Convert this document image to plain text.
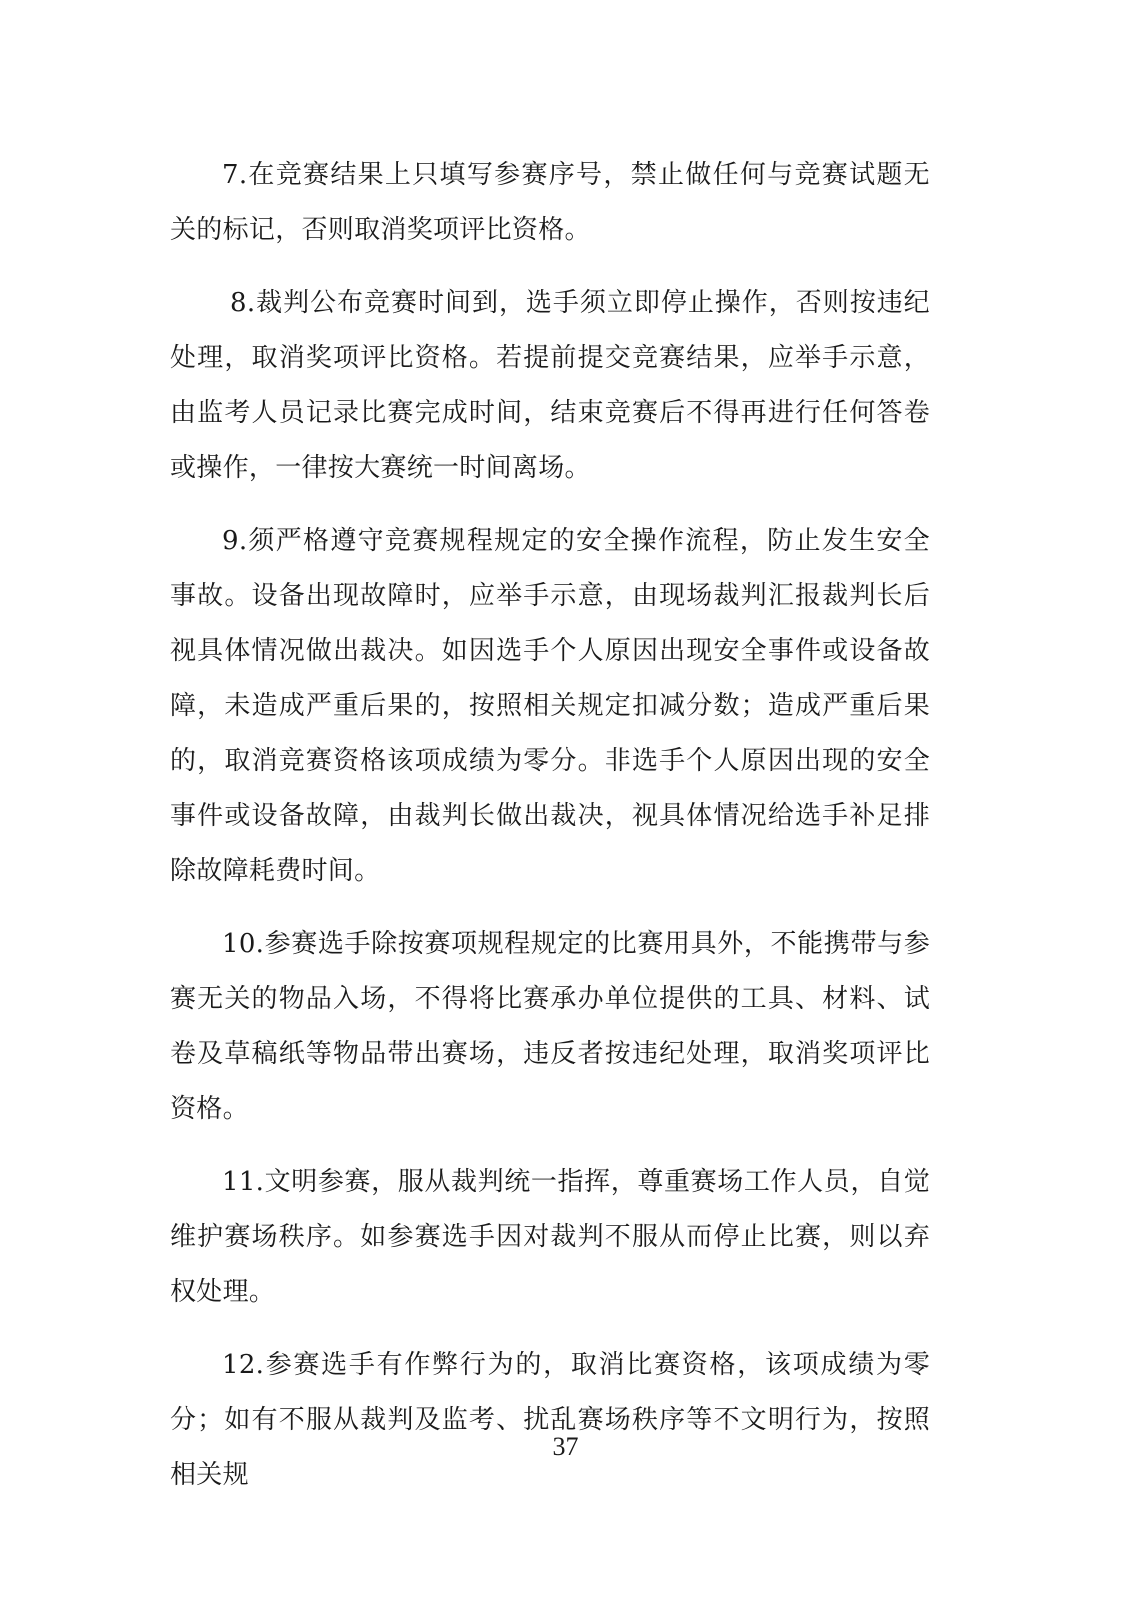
7.在竞赛结果上只填写参赛序号，禁止做任何与竞赛试题无关的标记，否则取消奖项评比资格。

8.裁判公布竞赛时间到，选手须立即停止操作，否则按违纪处理，取消奖项评比资格。若提前提交竞赛结果，应举手示意，由监考人员记录比赛完成时间，结束竞赛后不得再进行任何答卷或操作，一律按大赛统一时间离场。

9.须严格遵守竞赛规程规定的安全操作流程，防止发生安全事故。设备出现故障时，应举手示意，由现场裁判汇报裁判长后视具体情况做出裁决。如因选手个人原因出现安全事件或设备故障，未造成严重后果的，按照相关规定扣减分数；造成严重后果的，取消竞赛资格该项成绩为零分。非选手个人原因出现的安全事件或设备故障，由裁判长做出裁决，视具体情况给选手补足排除故障耗费时间。

10.参赛选手除按赛项规程规定的比赛用具外，不能携带与参赛无关的物品入场，不得将比赛承办单位提供的工具、材料、试卷及草稿纸等物品带出赛场，违反者按违纪处理，取消奖项评比资格。

11.文明参赛，服从裁判统一指挥，尊重赛场工作人员，自觉维护赛场秩序。如参赛选手因对裁判不服从而停止比赛，则以弃权处理。

12.参赛选手有作弊行为的，取消比赛资格，该项成绩为零分；如有不服从裁判及监考、扰乱赛场秩序等不文明行为，按照相关规

37
